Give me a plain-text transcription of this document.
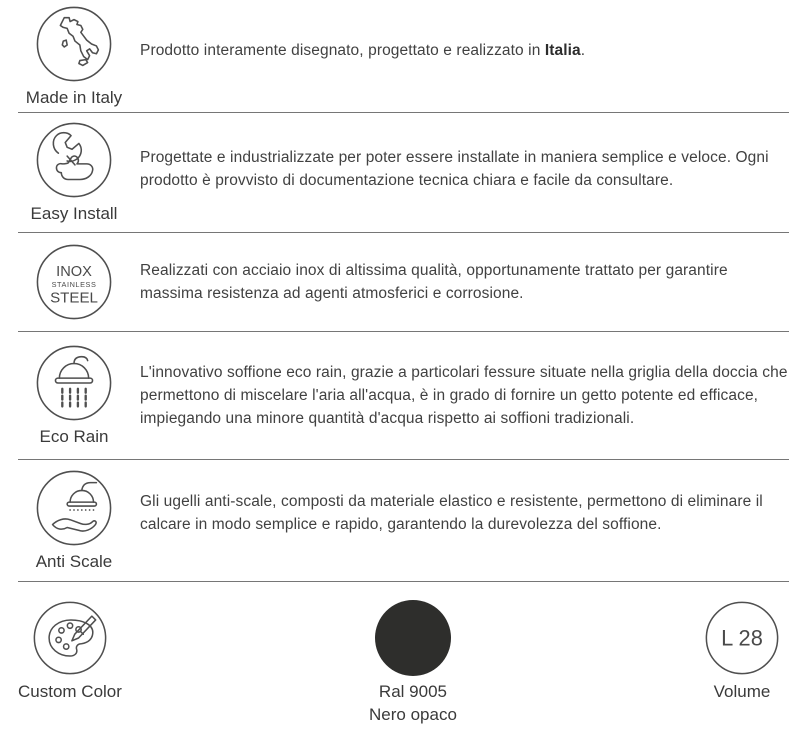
Made in Italy
Prodotto interamente disegnato, progettato e realizzato in Italia.
Easy Install
Progettate e industrializzate per poter essere installate in maniera semplice e veloce. Ogni prodotto è provvisto di documentazione tecnica chiara e facile da consultare.
INOX
STAINLESS
STEEL
Realizzati con acciaio inox di altissima qualità, opportunamente trattato per garantire massima resistenza ad agenti atmosferici e corrosione.
Eco Rain
L'innovativo soffione eco rain, grazie a particolari fessure situate nella griglia della doccia che permettono di miscelare l'aria all'acqua, è in grado di fornire un getto potente ed efficace, impiegando una minore quantità d'acqua rispetto ai soffioni tradizionali.
Anti Scale
Gli ugelli anti-scale, composti da materiale elastico e resistente, permettono di eliminare il calcare in modo semplice e rapido, garantendo la durevolezza del soffione.
Custom Color	Ral 9005
Nero opaco
L 28
Volume
